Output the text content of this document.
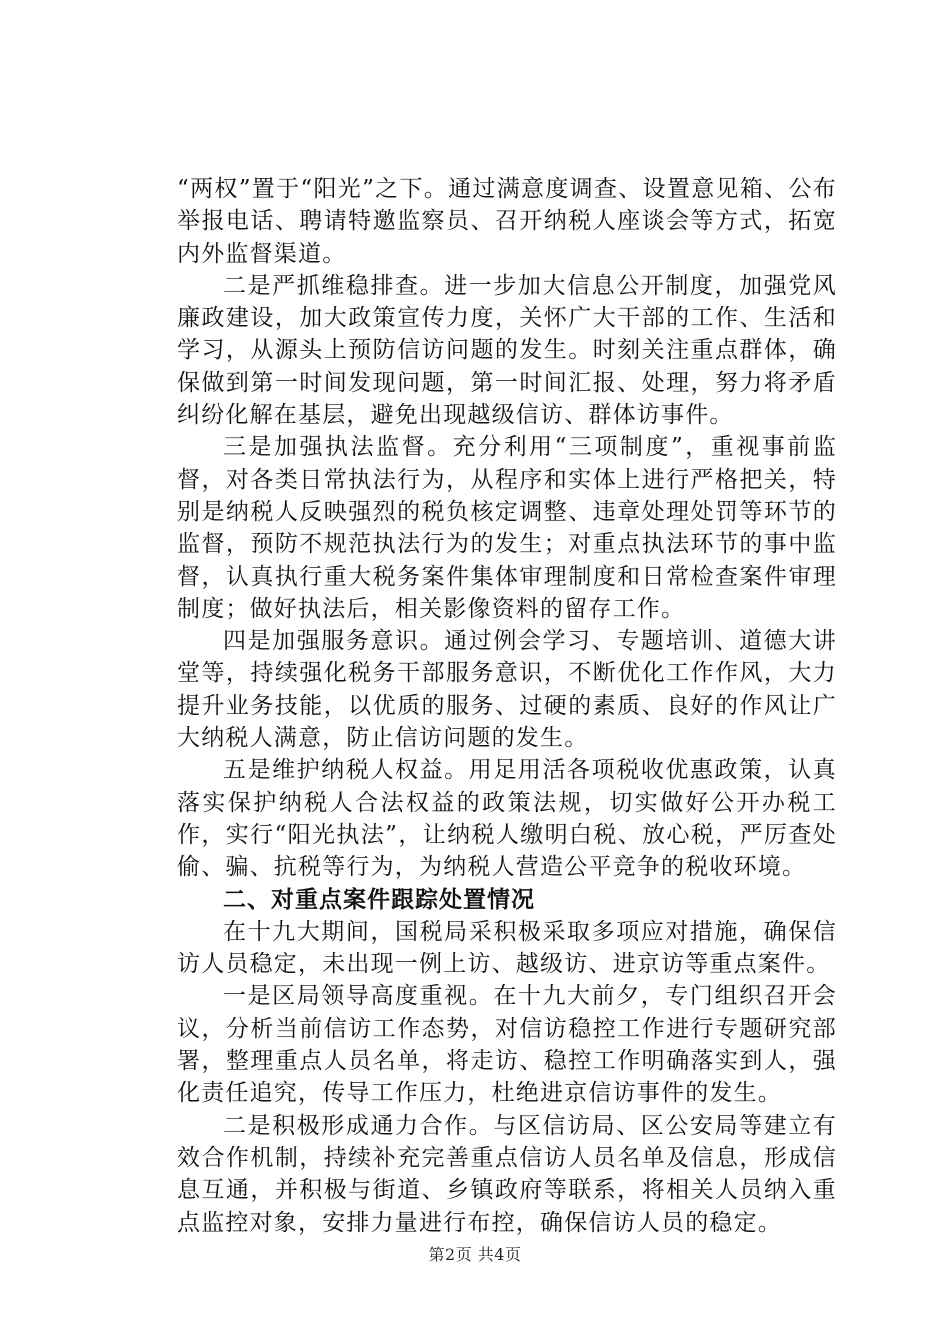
“两权”置于“阳光”之下。通过满意度调查、设置意见箱、公布举报电话、聘请特邀监察员、召开纳税人座谈会等方式，拓宽内外监督渠道。

二是严抓维稳排查。进一步加大信息公开制度，加强党风廉政建设，加大政策宣传力度，关怀广大干部的工作、生活和学习，从源头上预防信访问题的发生。时刻关注重点群体，确保做到第一时间发现问题，第一时间汇报、处理，努力将矛盾纠纷化解在基层，避免出现越级信访、群体访事件。

三是加强执法监督。充分利用“三项制度”，重视事前监督，对各类日常执法行为，从程序和实体上进行严格把关，特别是纳税人反映强烈的税负核定调整、违章处理处罚等环节的监督，预防不规范执法行为的发生；对重点执法环节的事中监督，认真执行重大税务案件集体审理制度和日常检查案件审理制度；做好执法后，相关影像资料的留存工作。

四是加强服务意识。通过例会学习、专题培训、道德大讲堂等，持续强化税务干部服务意识，不断优化工作作风，大力提升业务技能，以优质的服务、过硬的素质、良好的作风让广大纳税人满意，防止信访问题的发生。

五是维护纳税人权益。用足用活各项税收优惠政策，认真落实保护纳税人合法权益的政策法规，切实做好公开办税工作，实行“阳光执法”，让纳税人缴明白税、放心税，严厉查处偷、骗、抗税等行为，为纳税人营造公平竞争的税收环境。

二、对重点案件跟踪处置情况

在十九大期间，国税局采积极采取多项应对措施，确保信访人员稳定，未出现一例上访、越级访、进京访等重点案件。

一是区局领导高度重视。在十九大前夕，专门组织召开会议，分析当前信访工作态势，对信访稳控工作进行专题研究部署，整理重点人员名单，将走访、稳控工作明确落实到人，强化责任追究，传导工作压力，杜绝进京信访事件的发生。

二是积极形成通力合作。与区信访局、区公安局等建立有效合作机制，持续补充完善重点信访人员名单及信息，形成信息互通，并积极与街道、乡镇政府等联系，将相关人员纳入重点监控对象，安排力量进行布控，确保信访人员的稳定。

第2页 共4页
